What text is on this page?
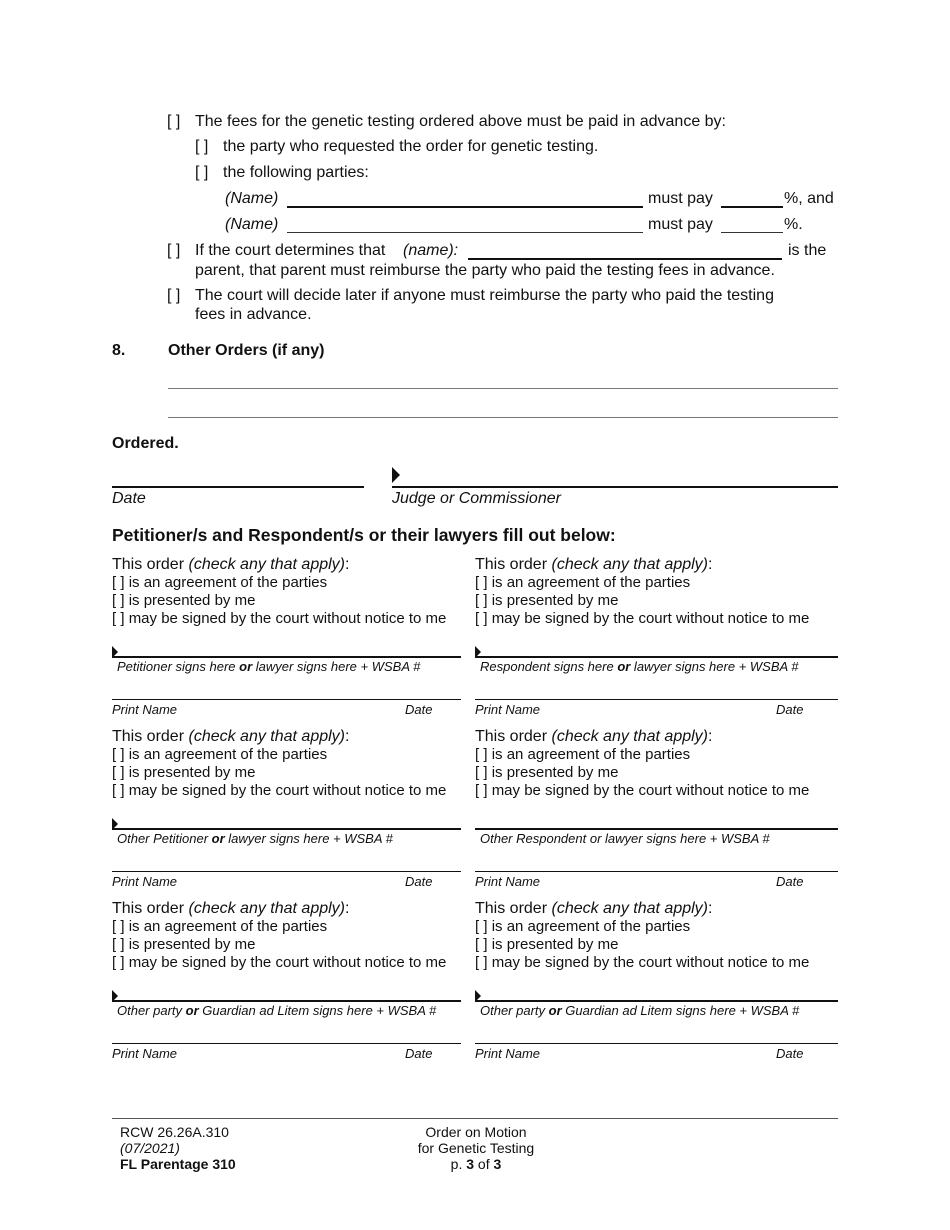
[ ] The fees for the genetic testing ordered above must be paid in advance by:
[ ] the party who requested the order for genetic testing.
[ ] the following parties:
(Name)	must pay	%, and
(Name)	must pay	%.
[ ] If the court determines that (name):	is the
parent, that parent must reimburse the party who paid the testing fees in advance.
[ ] The court will decide later if anyone must reimburse the party who paid the testing
fees in advance.
8.	Other Orders (if any)
Ordered.
Date	Judge or Commissioner
Petitioner/s and Respondent/s or their lawyers fill out below:
This order (check any that apply):
[ ] is an agreement of the parties
[ ] is presented by me
[ ] may be signed by the court without notice to me
This order (check any that apply):
[ ] is an agreement of the parties
[ ] is presented by me
[ ] may be signed by the court without notice to me
Petitioner signs here or lawyer signs here + WSBA #	Respondent signs here or lawyer signs here + WSBA #
Print Name	Date	Print Name	Date
This order (check any that apply):
[ ] is an agreement of the parties
[ ] is presented by me
[ ] may be signed by the court without notice to me
This order (check any that apply):
[ ] is an agreement of the parties
[ ] is presented by me
[ ] may be signed by the court without notice to me
Other Petitioner or lawyer signs here + WSBA #	Other Respondent or lawyer signs here + WSBA #
Print Name	Date	Print Name	Date
This order (check any that apply):
[ ] is an agreement of the parties
[ ] is presented by me
[ ] may be signed by the court without notice to me
This order (check any that apply):
[ ] is an agreement of the parties
[ ] is presented by me
[ ] may be signed by the court without notice to me
Other party or Guardian ad Litem signs here + WSBA #	Other party or Guardian ad Litem signs here + WSBA #
Print Name	Date	Print Name	Date
RCW 26.26A.310
(07/2021)
FL Parentage 310
Order on Motion
for Genetic Testing
p. 3 of 3
